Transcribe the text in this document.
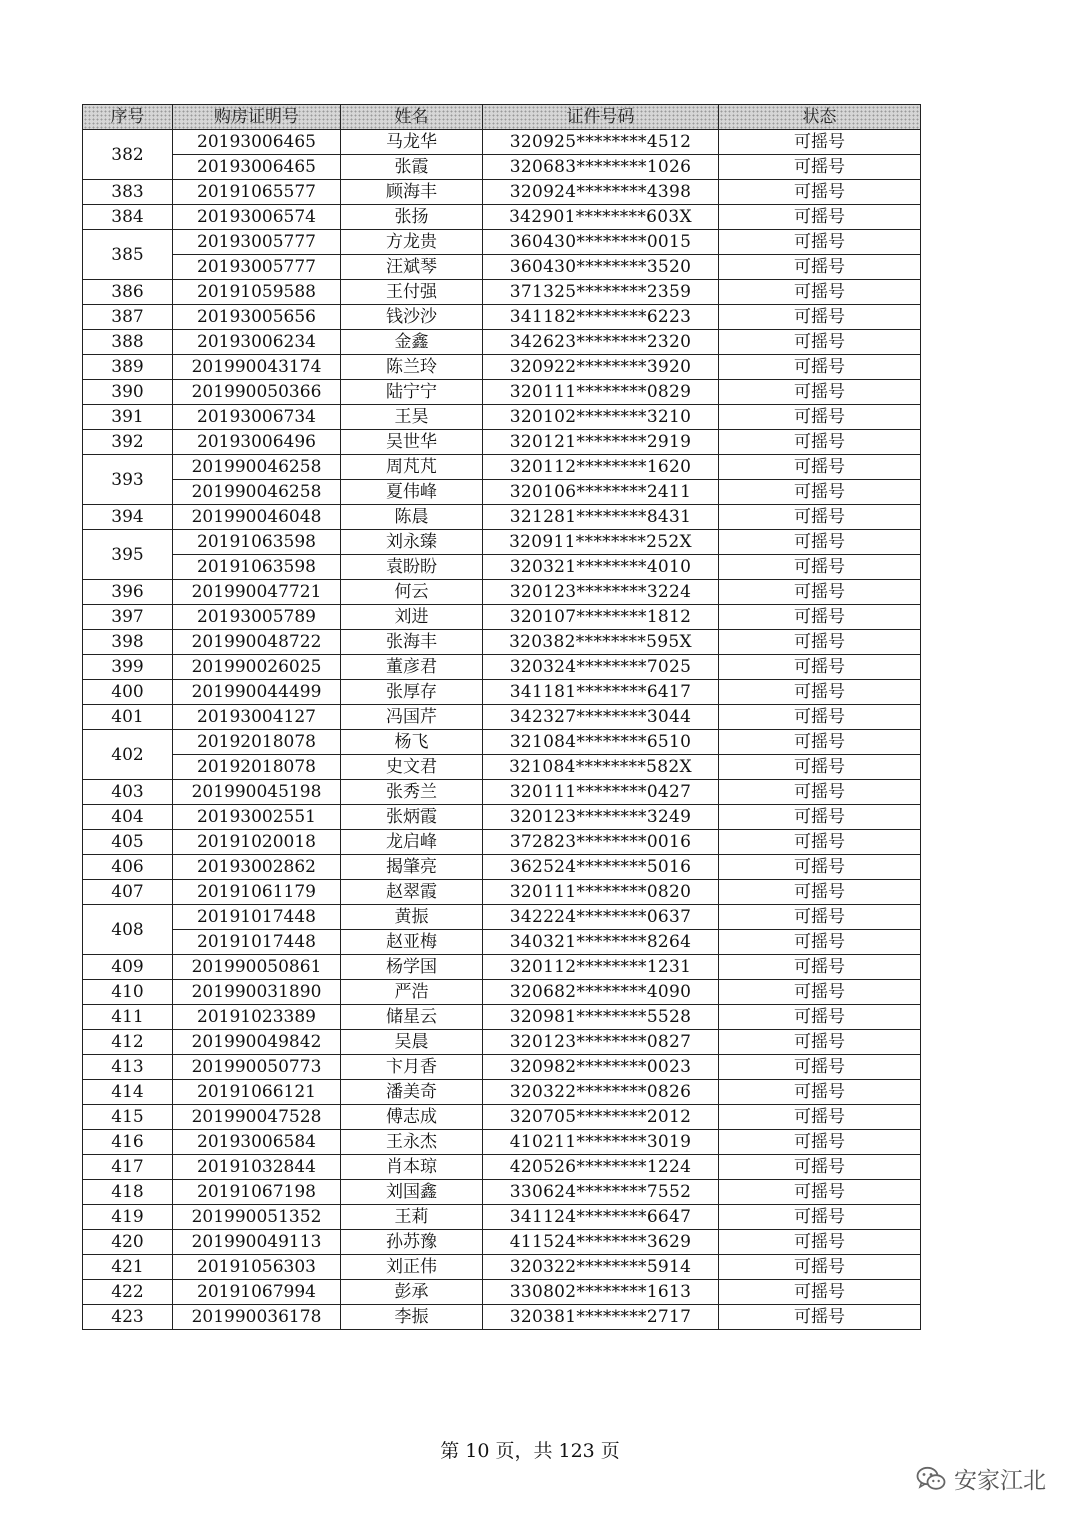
序号	购房证明号	姓名	证件号码	状态
382	20193006465	马龙华	320925********4512	可摇号
	20193006465	张霞	320683********1026	可摇号
383	20191065577	顾海丰	320924********4398	可摇号
384	20193006574	张扬	342901********603X	可摇号
385	20193005777	方龙贵	360430********0015	可摇号
	20193005777	汪斌琴	360430********3520	可摇号
386	20191059588	王付强	371325********2359	可摇号
387	20193005656	钱沙沙	341182********6223	可摇号
388	20193006234	金鑫	342623********2320	可摇号
389	201990043174	陈兰玲	320922********3920	可摇号
390	201990050366	陆宁宁	320111********0829	可摇号
391	20193006734	王昊	320102********3210	可摇号
392	20193006496	吴世华	320121********2919	可摇号
393	201990046258	周芃芃	320112********1620	可摇号
	201990046258	夏伟峰	320106********2411	可摇号
394	201990046048	陈晨	321281********8431	可摇号
395	20191063598	刘永臻	320911********252X	可摇号
	20191063598	袁盼盼	320321********4010	可摇号
396	201990047721	何云	320123********3224	可摇号
397	20193005789	刘进	320107********1812	可摇号
398	201990048722	张海丰	320382********595X	可摇号
399	201990026025	董彦君	320324********7025	可摇号
400	201990044499	张厚存	341181********6417	可摇号
401	20193004127	冯国芹	342327********3044	可摇号
402	20192018078	杨飞	321084********6510	可摇号
	20192018078	史文君	321084********582X	可摇号
403	201990045198	张秀兰	320111********0427	可摇号
404	20193002551	张炳霞	320123********3249	可摇号
405	20191020018	龙启峰	372823********0016	可摇号
406	20193002862	揭肇亮	362524********5016	可摇号
407	20191061179	赵翠霞	320111********0820	可摇号
408	20191017448	黄振	342224********0637	可摇号
	20191017448	赵亚梅	340321********8264	可摇号
409	201990050861	杨学国	320112********1231	可摇号
410	201990031890	严浩	320682********4090	可摇号
411	20191023389	储星云	320981********5528	可摇号
412	201990049842	吴晨	320123********0827	可摇号
413	201990050773	卞月香	320982********0023	可摇号
414	20191066121	潘美奇	320322********0826	可摇号
415	201990047528	傅志成	320705********2012	可摇号
416	20193006584	王永杰	410211********3019	可摇号
417	20191032844	肖本琼	420526********1224	可摇号
418	20191067198	刘国鑫	330624********7552	可摇号
419	201990051352	王莉	341124********6647	可摇号
420	201990049113	孙苏豫	411524********3629	可摇号
421	20191056303	刘正伟	320322********5914	可摇号
422	20191067994	彭承	330802********1613	可摇号
423	201990036178	李振	320381********2717	可摇号
第 10 页，共 123 页
安家江北
